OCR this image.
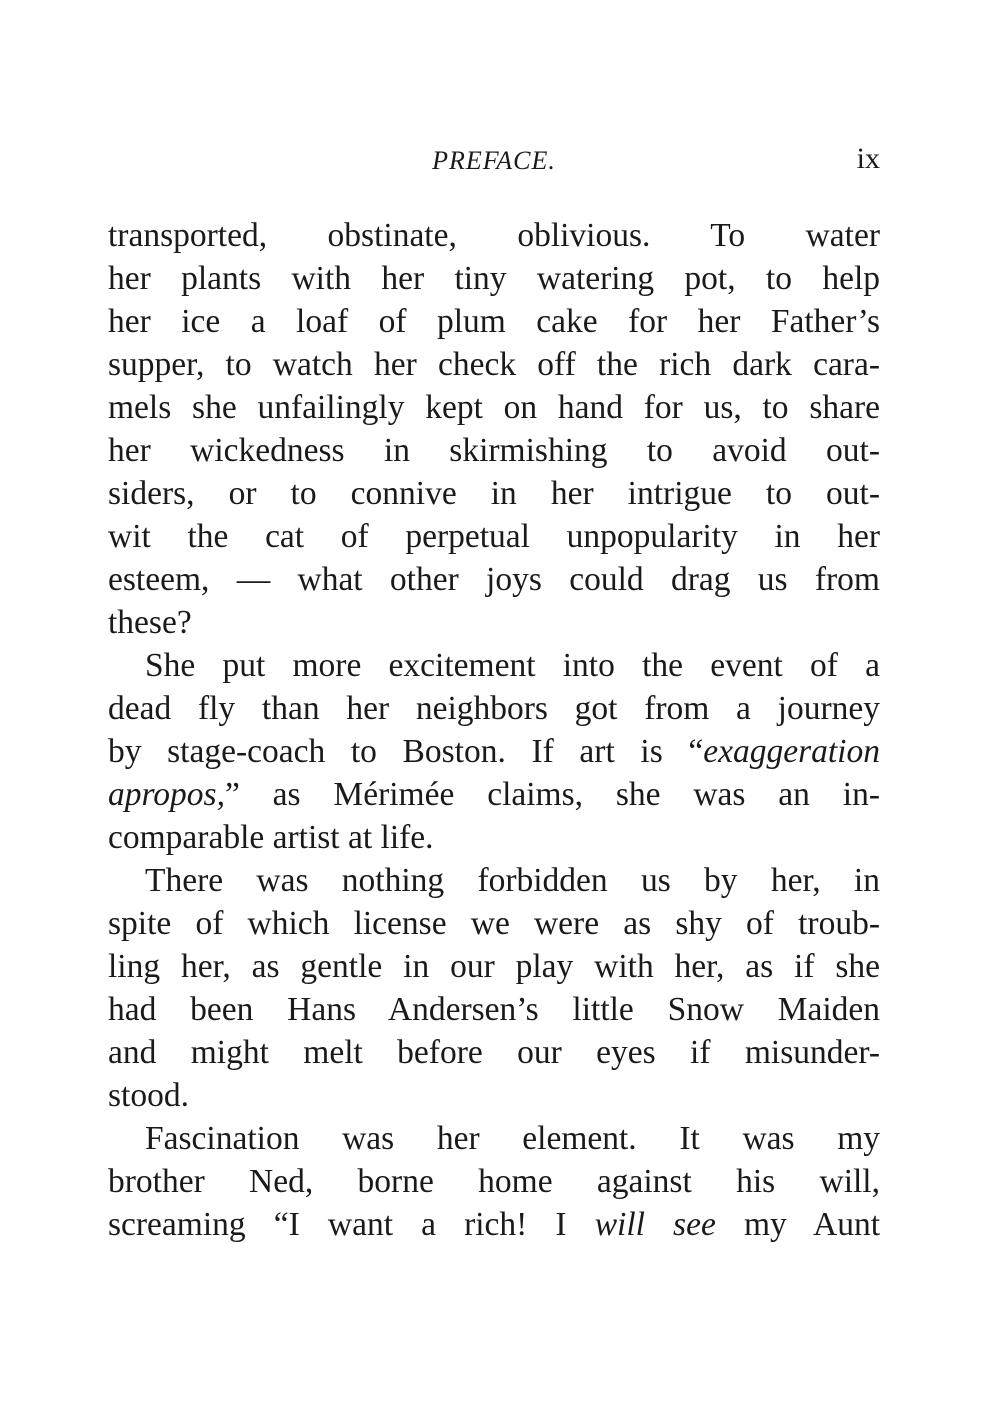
PREFACE.	ix
transported, obstinate, oblivious. To water
her plants with her tiny watering pot, to help
her ice a loaf of plum cake for her Father’s
supper, to watch her check off the rich dark cara-
mels she unfailingly kept on hand for us, to share
her wickedness in skirmishing to avoid out-
siders, or to connive in her intrigue to out-
wit the cat of perpetual unpopularity in her
esteem, — what other joys could drag us from
these?
She put more excitement into the event of a
dead fly than her neighbors got from a journey
by stage-coach to Boston. If art is “exaggeration
apropos,” as Mérimée claims, she was an in-
comparable artist at life.
There was nothing forbidden us by her, in
spite of which license we were as shy of troub-
ling her, as gentle in our play with her, as if she
had been Hans Andersen’s little Snow Maiden
and might melt before our eyes if misunder-
stood.
Fascination was her element. It was my
brother Ned, borne home against his will,
screaming “I want a rich! I will see my Aunt
